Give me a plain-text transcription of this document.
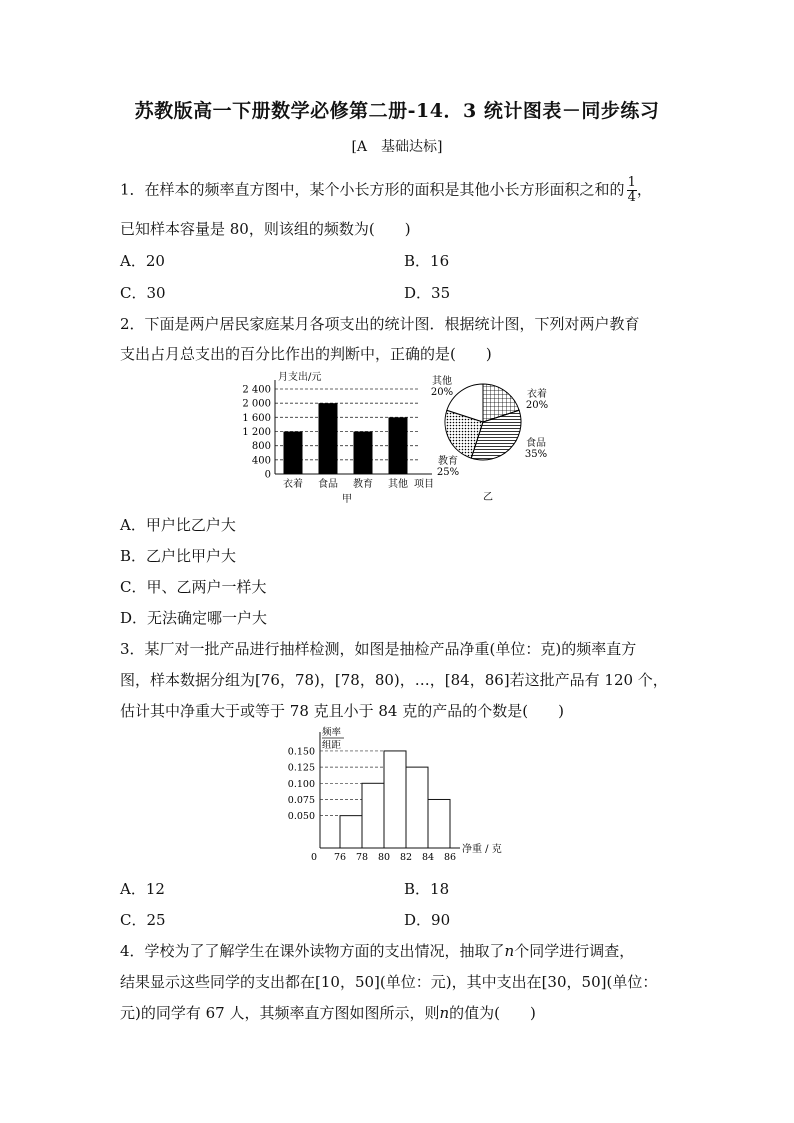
苏教版高一下册数学必修第二册-14．3 统计图表－同步练习
[A　基础达标]
1．在样本的频率直方图中，某个小长方形的面积是其他小长方形面积之和的 $\frac{1}{4}$ ，
已知样本容量是 80，则该组的频数为(　　)
A．20	B．16
C．30	D．35
2．下面是两户居民家庭某月各项支出的统计图．根据统计图，下列对两户教育
支出占月总支出的百分比作出的判断中，正确的是(　　)
2 400
2 000
1 600
1 200
800
400
0
月支出/元
项目
衣着 食品 教育 其他
甲
衣着
20%
食品
35%
教育
25%
其他
20%
乙
A．甲户比乙户大
B．乙户比甲户大
C．甲、乙两户一样大
D．无法确定哪一户大
3．某厂对一批产品进行抽样检测，如图是抽检产品净重(单位：克)的频率直方
图，样本数据分组为[76，78)，[78，80)，…，[84，86]若这批产品有 120 个，
估计其中净重大于或等于 78 克且小于 84 克的产品的个数是(　　)
频率
组距
净重 / 克
0
0.150
0.125
0.100
0.075
0.050
76 78 80 82 84 86
A．12	B．18
C．25	D．90
4．学校为了了解学生在课外读物方面的支出情况，抽取了n个同学进行调查，
结果显示这些同学的支出都在[10，50](单位：元)，其中支出在[30，50](单位：
元)的同学有 67 人，其频率直方图如图所示，则n的值为(　　)
